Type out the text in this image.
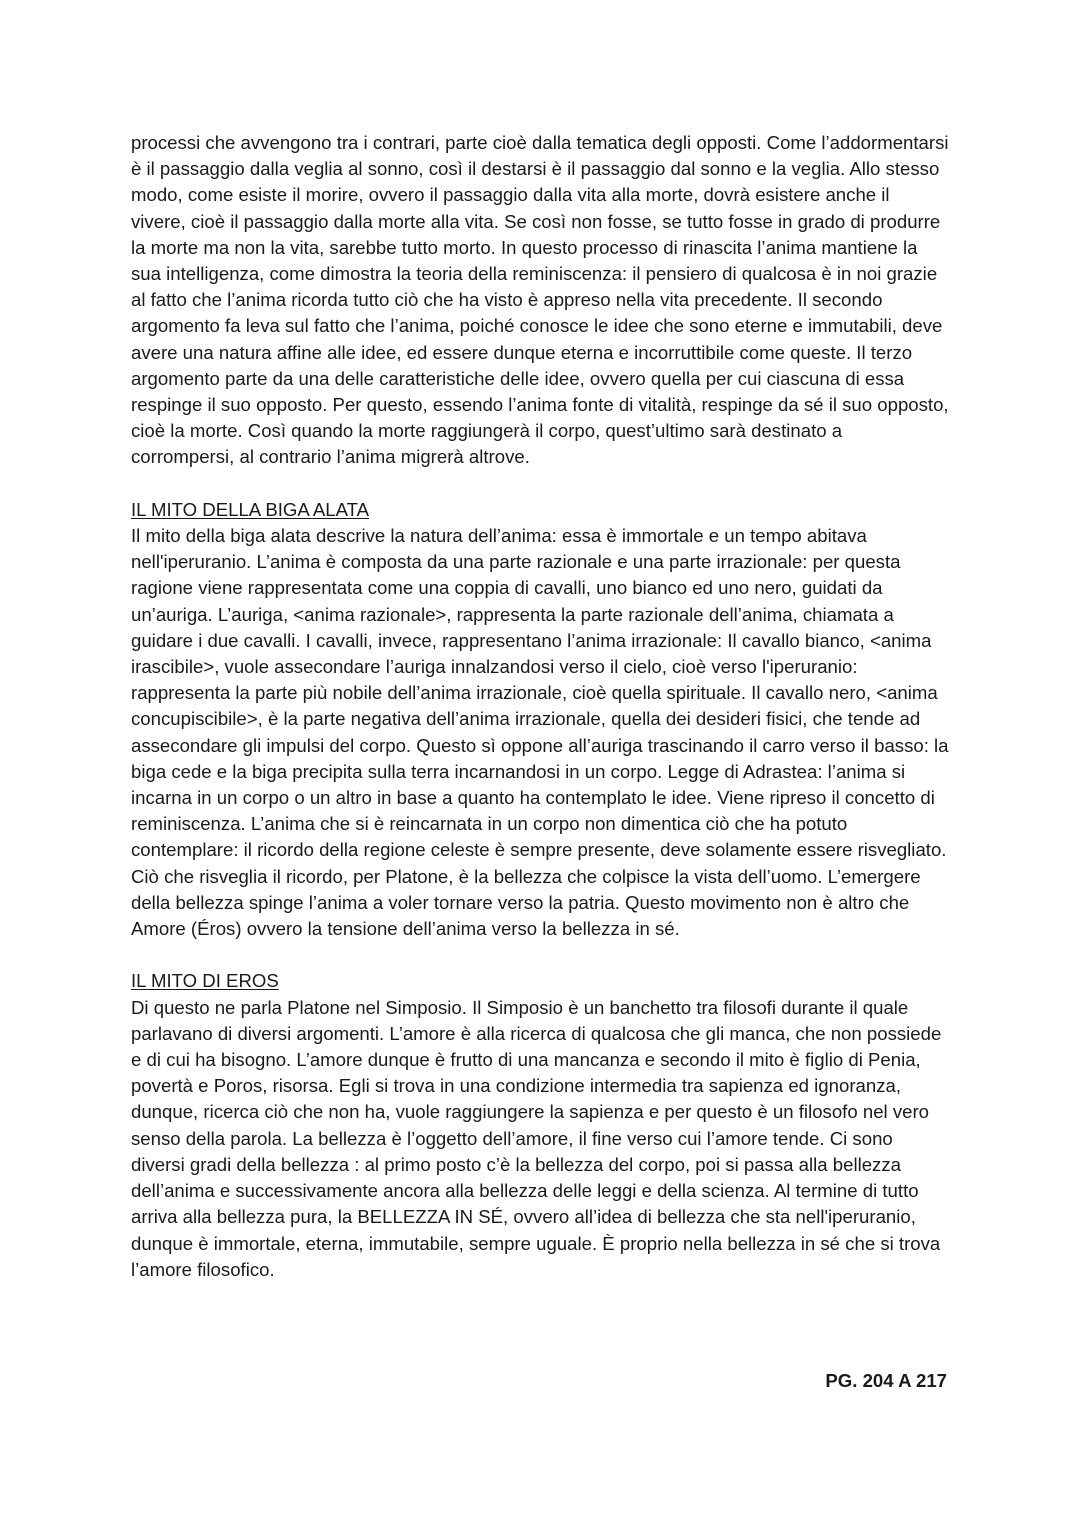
processi che avvengono tra i contrari, parte cioè dalla tematica degli opposti. Come l’addormentarsi è il passaggio dalla veglia al sonno, così il destarsi è il passaggio dal sonno e la veglia. Allo stesso modo, come esiste il morire, ovvero il passaggio dalla vita alla morte, dovrà esistere anche il vivere, cioè il passaggio dalla morte alla vita. Se così non fosse, se tutto fosse in grado di produrre la morte ma non la vita, sarebbe tutto morto. In questo processo di rinascita l’anima mantiene la sua intelligenza, come dimostra la teoria della reminiscenza: il pensiero di qualcosa è in noi grazie al fatto che l’anima ricorda tutto ciò che ha visto è appreso nella vita precedente. Il secondo argomento fa leva sul fatto che l’anima, poiché conosce le idee che sono eterne e immutabili, deve avere una natura affine alle idee, ed essere dunque eterna e incorruttibile come queste. Il terzo argomento parte da una delle caratteristiche delle idee, ovvero quella per cui ciascuna di essa respinge il suo opposto. Per questo, essendo l’anima fonte di vitalità, respinge da sé il suo opposto, cioè la morte. Così quando la morte raggiungerà il corpo, quest’ultimo sarà destinato a corrompersi, al contrario l’anima migrerà altrove.

IL MITO DELLA BIGA ALATA

Il mito della biga alata descrive la natura dell’anima: essa è immortale e un tempo abitava nell'iperuranio. L’anima è composta da una parte razionale e una parte irrazionale: per questa ragione viene rappresentata come una coppia di cavalli, uno bianco ed uno nero, guidati da un’auriga. L’auriga, <anima razionale>, rappresenta la parte razionale dell’anima, chiamata a guidare i due cavalli. I cavalli, invece, rappresentano l’anima irrazionale: Il cavallo bianco, <anima irascibile>, vuole assecondare l’auriga innalzandosi verso il cielo, cioè verso l'iperuranio: rappresenta la parte più nobile dell’anima irrazionale, cioè quella spirituale. Il cavallo nero, <anima concupiscibile>, è la parte negativa dell’anima irrazionale, quella dei desideri fisici, che tende ad assecondare gli impulsi del corpo. Questo sì oppone all’auriga trascinando il carro verso il basso: la biga cede e la biga precipita sulla terra incarnandosi in un corpo. Legge di Adrastea: l’anima si incarna in un corpo o un altro in base a quanto ha contemplato le idee. Viene ripreso il concetto di reminiscenza. L’anima che si è reincarnata in un corpo non dimentica ciò che ha potuto contemplare: il ricordo della regione celeste è sempre presente, deve solamente essere risvegliato. Ciò che risveglia il ricordo, per Platone, è la bellezza che colpisce la vista dell’uomo. L’emergere della bellezza spinge l’anima a voler tornare verso la patria. Questo movimento non è altro che Amore (Éros) ovvero la tensione dell’anima verso la bellezza in sé.

IL MITO DI EROS

Di questo ne parla Platone nel Simposio. Il Simposio è un banchetto tra filosofi durante il quale parlavano di diversi argomenti. L’amore è alla ricerca di qualcosa che gli manca, che non possiede e di cui ha bisogno. L’amore dunque è frutto di una mancanza e secondo il mito è figlio di Penia, povertà e Poros, risorsa. Egli si trova in una condizione intermedia tra sapienza ed ignoranza, dunque, ricerca ciò che non ha, vuole raggiungere la sapienza e per questo è un filosofo nel vero senso della parola. La bellezza è l’oggetto dell’amore, il fine verso cui l’amore tende. Ci sono diversi gradi della bellezza : al primo posto c’è la bellezza del corpo, poi si passa alla bellezza dell’anima e successivamente ancora alla bellezza delle leggi e della scienza. Al termine di tutto arriva alla bellezza pura, la BELLEZZA IN SÉ, ovvero all’idea di bellezza che sta nell'iperuranio, dunque è immortale, eterna, immutabile, sempre uguale. È proprio nella bellezza in sé che si trova l’amore filosofico.

PG. 204 A 217
